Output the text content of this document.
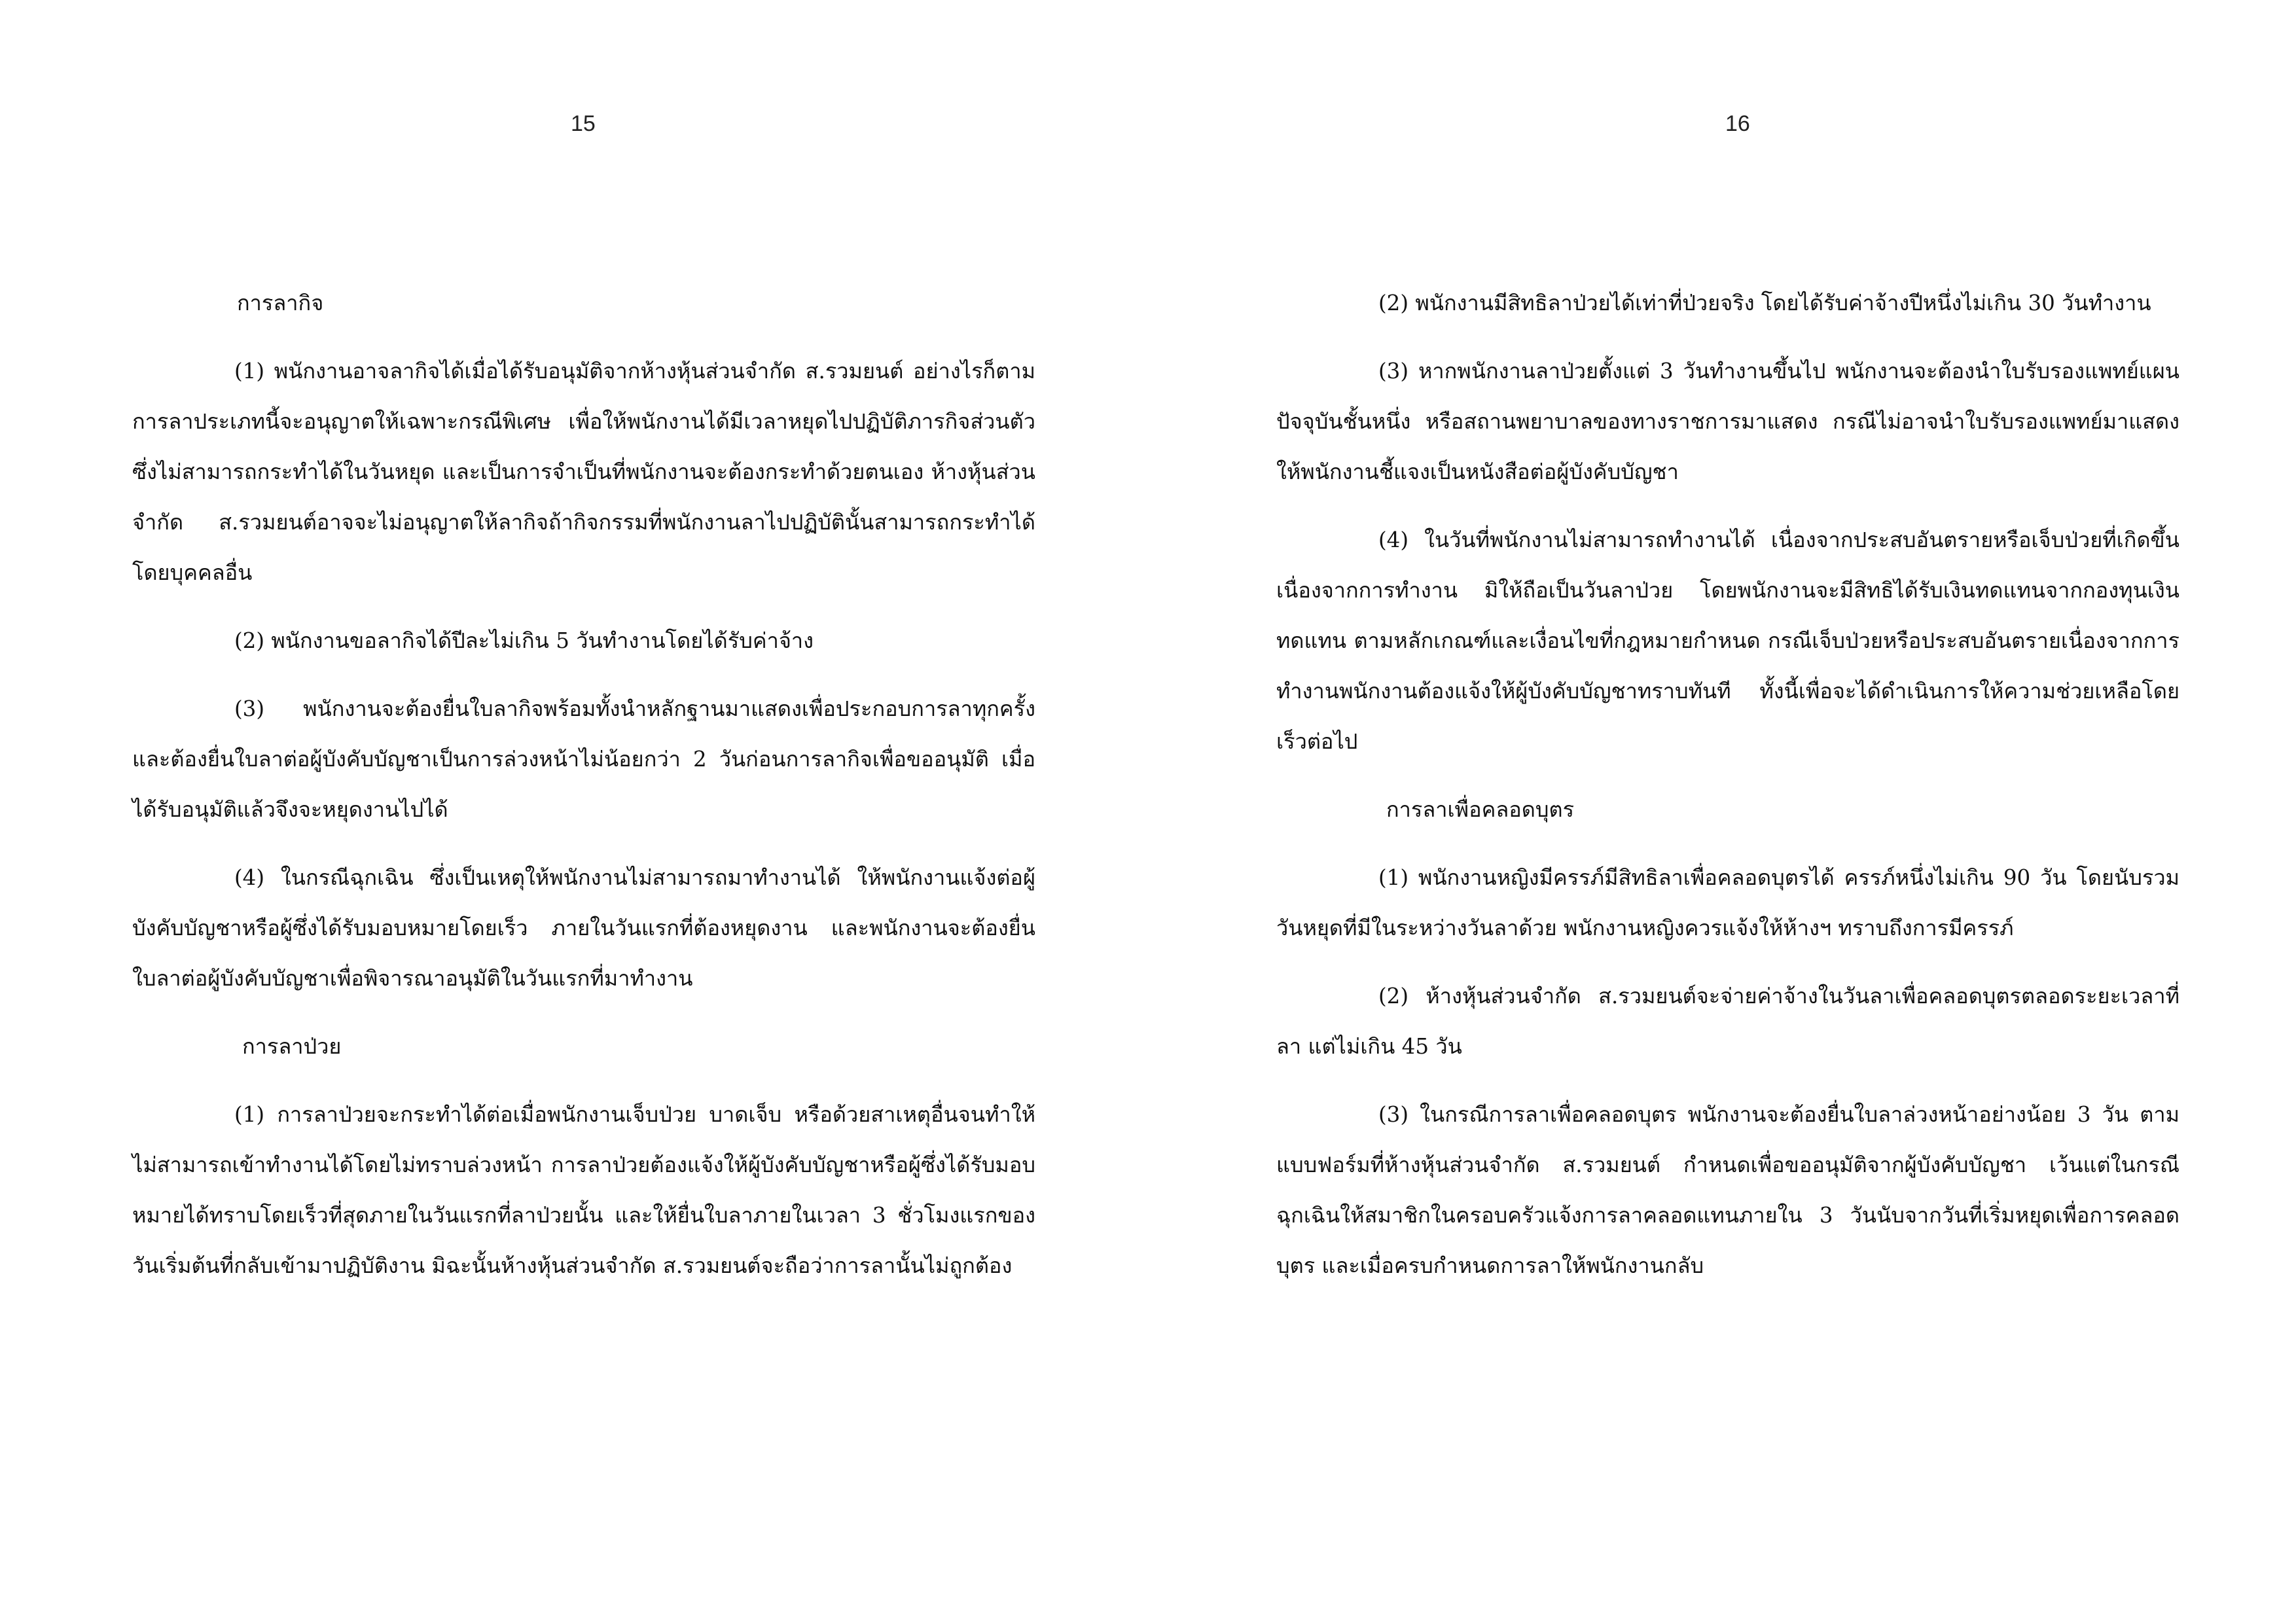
15

การลากิจ

(1) พนักงานอาจลากิจได้เมื่อได้รับอนุมัติจากห้างหุ้นส่วนจำกัด ส.รวมยนต์ อย่างไรก็ตามการลาประเภทนี้จะอนุญาตให้เฉพาะกรณีพิเศษ เพื่อให้พนักงานได้มีเวลาหยุดไปปฏิบัติภารกิจส่วนตัวซึ่งไม่สามารถกระทำได้ในวันหยุด และเป็นการจำเป็นที่พนักงานจะต้องกระทำด้วยตนเอง ห้างหุ้นส่วนจำกัด ส.รวมยนต์อาจจะไม่อนุญาตให้ลากิจถ้ากิจกรรมที่พนักงานลาไปปฏิบัตินั้นสามารถกระทำได้โดยบุคคลอื่น

(2) พนักงานขอลากิจได้ปีละไม่เกิน 5 วันทำงานโดยได้รับค่าจ้าง

(3) พนักงานจะต้องยื่นใบลากิจพร้อมทั้งนำหลักฐานมาแสดงเพื่อประกอบการลาทุกครั้ง และต้องยื่นใบลาต่อผู้บังคับบัญชาเป็นการล่วงหน้าไม่น้อยกว่า 2 วันก่อนการลากิจเพื่อขออนุมัติ เมื่อได้รับอนุมัติแล้วจึงจะหยุดงานไปได้

(4) ในกรณีฉุกเฉิน ซึ่งเป็นเหตุให้พนักงานไม่สามารถมาทำงานได้ ให้พนักงานแจ้งต่อผู้บังคับบัญชาหรือผู้ซึ่งได้รับมอบหมายโดยเร็ว ภายในวันแรกที่ต้องหยุดงาน และพนักงานจะต้องยื่นใบลาต่อผู้บังคับบัญชาเพื่อพิจารณาอนุมัติในวันแรกที่มาทำงาน

การลาป่วย

(1) การลาป่วยจะกระทำได้ต่อเมื่อพนักงานเจ็บป่วย บาดเจ็บ หรือด้วยสาเหตุอื่นจนทำให้ไม่สามารถเข้าทำงานได้โดยไม่ทราบล่วงหน้า การลาป่วยต้องแจ้งให้ผู้บังคับบัญชาหรือผู้ซึ่งได้รับมอบหมายได้ทราบโดยเร็วที่สุดภายในวันแรกที่ลาป่วยนั้น และให้ยื่นใบลาภายในเวลา 3 ชั่วโมงแรกของวันเริ่มต้นที่กลับเข้ามาปฏิบัติงาน มิฉะนั้นห้างหุ้นส่วนจำกัด ส.รวมยนต์จะถือว่าการลานั้นไม่ถูกต้อง

16

(2) พนักงานมีสิทธิลาป่วยได้เท่าที่ป่วยจริง โดยได้รับค่าจ้างปีหนึ่งไม่เกิน 30 วันทำงาน

(3) หากพนักงานลาป่วยตั้งแต่ 3 วันทำงานขึ้นไป พนักงานจะต้องนำใบรับรองแพทย์แผนปัจจุบันชั้นหนึ่ง หรือสถานพยาบาลของทางราชการมาแสดง กรณีไม่อาจนำใบรับรองแพทย์มาแสดงให้พนักงานชี้แจงเป็นหนังสือต่อผู้บังคับบัญชา

(4) ในวันที่พนักงานไม่สามารถทำงานได้ เนื่องจากประสบอันตรายหรือเจ็บป่วยที่เกิดขึ้นเนื่องจากการทำงาน มิให้ถือเป็นวันลาป่วย โดยพนักงานจะมีสิทธิได้รับเงินทดแทนจากกองทุนเงินทดแทน ตามหลักเกณฑ์และเงื่อนไขที่กฎหมายกำหนด กรณีเจ็บป่วยหรือประสบอันตรายเนื่องจากการทำงานพนักงานต้องแจ้งให้ผู้บังคับบัญชาทราบทันที ทั้งนี้เพื่อจะได้ดำเนินการให้ความช่วยเหลือโดยเร็วต่อไป

การลาเพื่อคลอดบุตร

(1) พนักงานหญิงมีครรภ์มีสิทธิลาเพื่อคลอดบุตรได้ ครรภ์หนึ่งไม่เกิน 90 วัน โดยนับรวมวันหยุดที่มีในระหว่างวันลาด้วย พนักงานหญิงควรแจ้งให้ห้างฯ ทราบถึงการมีครรภ์

(2) ห้างหุ้นส่วนจำกัด ส.รวมยนต์จะจ่ายค่าจ้างในวันลาเพื่อคลอดบุตรตลอดระยะเวลาที่ลา แต่ไม่เกิน 45 วัน

(3) ในกรณีการลาเพื่อคลอดบุตร พนักงานจะต้องยื่นใบลาล่วงหน้าอย่างน้อย 3 วัน ตามแบบฟอร์มที่ห้างหุ้นส่วนจำกัด ส.รวมยนต์ กำหนดเพื่อขออนุมัติจากผู้บังคับบัญชา เว้นแต่ในกรณีฉุกเฉินให้สมาชิกในครอบครัวแจ้งการลาคลอดแทนภายใน 3 วันนับจากวันที่เริ่มหยุดเพื่อการคลอดบุตร และเมื่อครบกำหนดการลาให้พนักงานกลับ
